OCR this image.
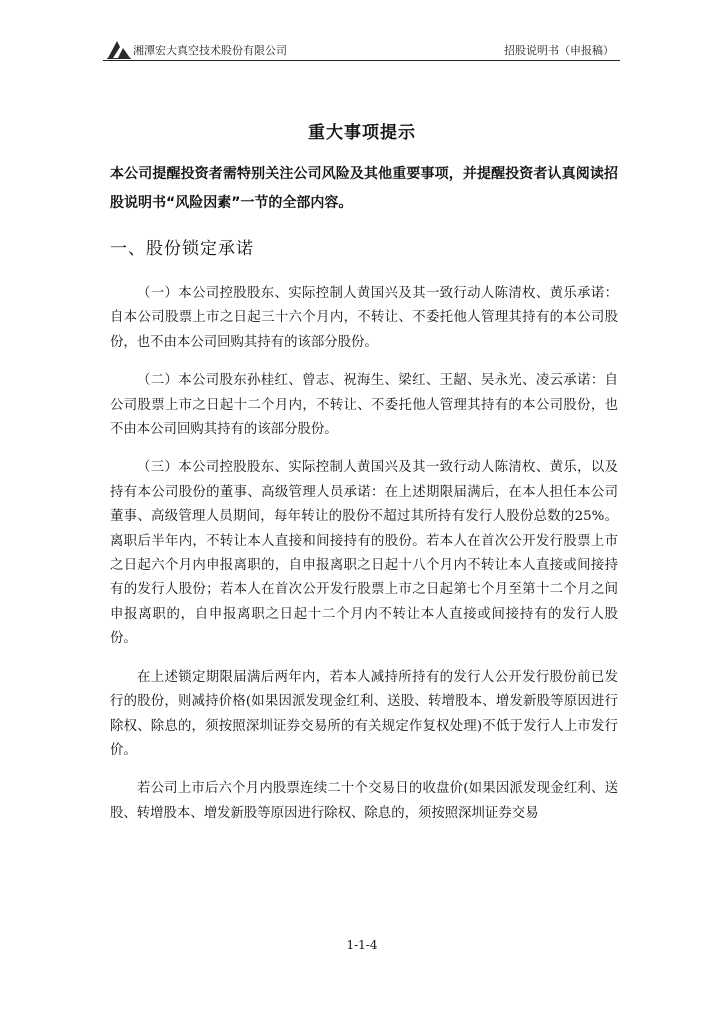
湘潭宏大真空技术股份有限公司	招股说明书（申报稿）
重大事项提示
本公司提醒投资者需特别关注公司风险及其他重要事项，并提醒投资者认真阅读招股说明书“风险因素”一节的全部内容。
一、股份锁定承诺

（一）本公司控股股东、实际控制人黄国兴及其一致行动人陈清枚、黄乐承诺：自本公司股票上市之日起三十六个月内，不转让、不委托他人管理其持有的本公司股份，也不由本公司回购其持有的该部分股份。

（二）本公司股东孙桂红、曾志、祝海生、梁红、王龆、吴永光、凌云承诺：自公司股票上市之日起十二个月内，不转让、不委托他人管理其持有的本公司股份，也不由本公司回购其持有的该部分股份。

（三）本公司控股股东、实际控制人黄国兴及其一致行动人陈清枚、黄乐，以及持有本公司股份的董事、高级管理人员承诺：在上述期限届满后，在本人担任本公司董事、高级管理人员期间，每年转让的股份不超过其所持有发行人股份总数的25%。离职后半年内，不转让本人直接和间接持有的股份。若本人在首次公开发行股票上市之日起六个月内申报离职的，自申报离职之日起十八个月内不转让本人直接或间接持有的发行人股份；若本人在首次公开发行股票上市之日起第七个月至第十二个月之间申报离职的，自申报离职之日起十二个月内不转让本人直接或间接持有的发行人股份。

在上述锁定期限届满后两年内，若本人减持所持有的发行人公开发行股份前已发行的股份，则减持价格(如果因派发现金红利、送股、转增股本、增发新股等原因进行除权、除息的，须按照深圳证券交易所的有关规定作复权处理)不低于发行人上市发行价。

若公司上市后六个月内股票连续二十个交易日的收盘价(如果因派发现金红利、送股、转增股本、增发新股等原因进行除权、除息的，须按照深圳证券交易

1-1-4
